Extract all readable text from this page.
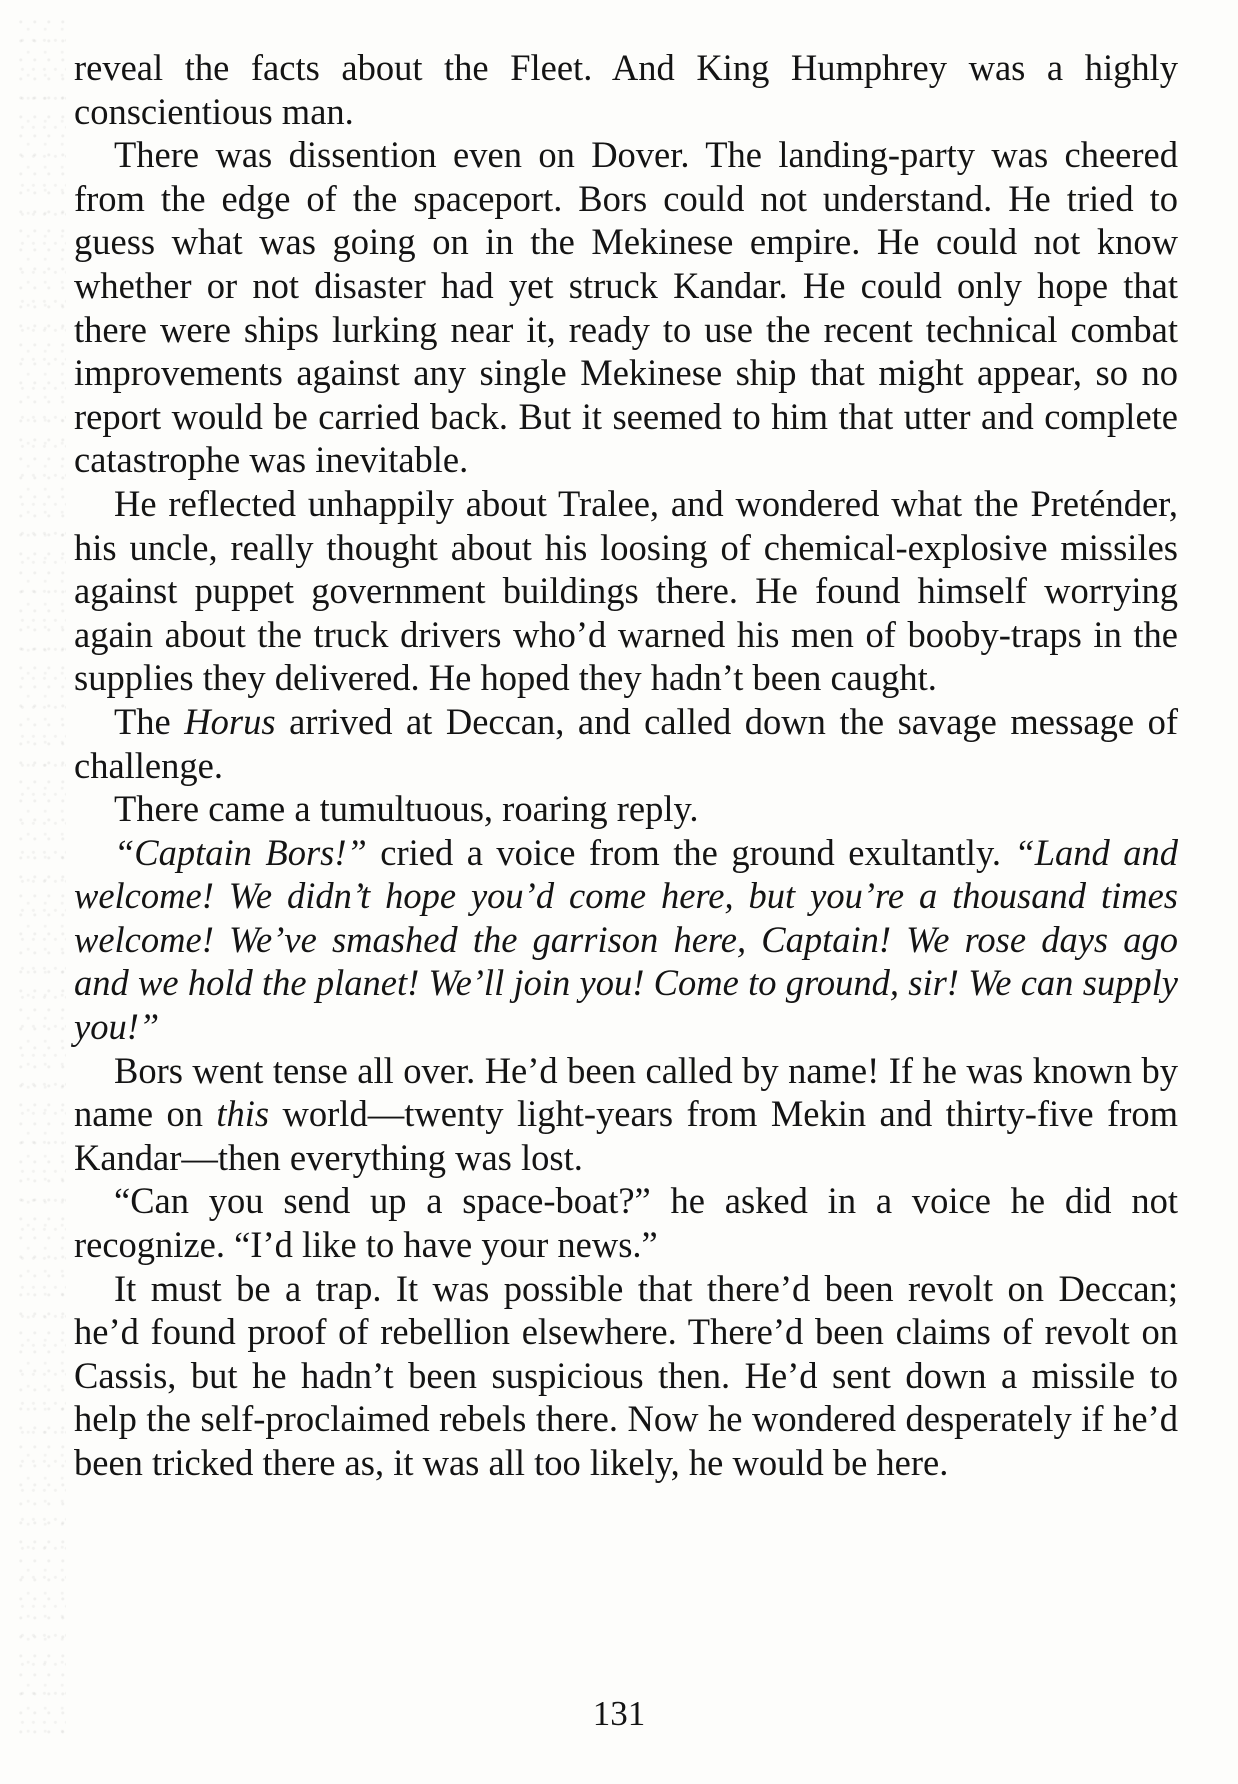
reveal the facts about the Fleet. And King Humphrey was a highly conscientious man.

There was dissention even on Dover. The landing-party was cheered from the edge of the spaceport. Bors could not understand. He tried to guess what was going on in the Mekinese empire. He could not know whether or not disaster had yet struck Kandar. He could only hope that there were ships lurking near it, ready to use the recent technical combat improvements against any single Mekinese ship that might appear, so no report would be carried back. But it seemed to him that utter and complete catastrophe was inevitable.

He reflected unhappily about Tralee, and wondered what the Preténder, his uncle, really thought about his loosing of chemical-explosive missiles against puppet government buildings there. He found himself worrying again about the truck drivers who’d warned his men of booby-traps in the supplies they delivered. He hoped they hadn’t been caught.

The Horus arrived at Deccan, and called down the savage message of challenge.

There came a tumultuous, roaring reply.

“Captain Bors!” cried a voice from the ground exultantly. “Land and welcome! We didn’t hope you’d come here, but you’re a thousand times welcome! We’ve smashed the garrison here, Captain! We rose days ago and we hold the planet! We’ll join you! Come to ground, sir! We can supply you!”

Bors went tense all over. He’d been called by name! If he was known by name on this world—twenty light-years from Mekin and thirty-five from Kandar—then everything was lost.

“Can you send up a space-boat?” he asked in a voice he did not recognize. “I’d like to have your news.”

It must be a trap. It was possible that there’d been revolt on Deccan; he’d found proof of rebellion elsewhere. There’d been claims of revolt on Cassis, but he hadn’t been suspicious then. He’d sent down a missile to help the self-proclaimed rebels there. Now he wondered desperately if he’d been tricked there as, it was all too likely, he would be here.

131
